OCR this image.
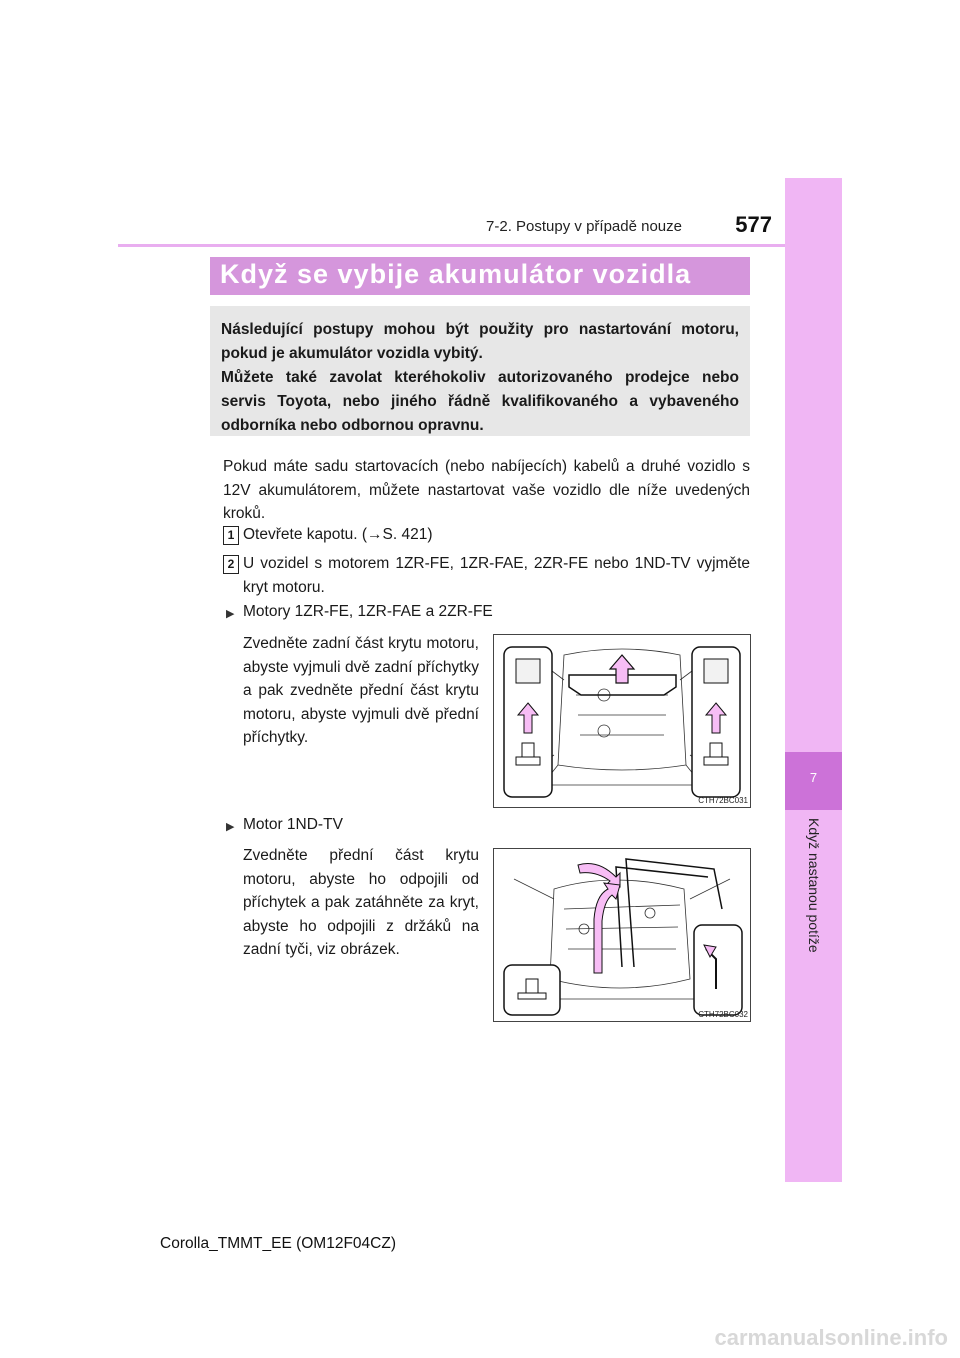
7
Když nastanou potíže
7-2. Postupy v případě nouze	577
Když se vybije akumulátor vozidla

Následující postupy mohou být použity pro nastartování motoru, pokud je akumulátor vozidla vybitý.

Můžete také zavolat kteréhokoliv autorizovaného prodejce nebo servis Toyota, nebo jiného řádně kvalifikovaného a vybaveného odborníka nebo odbornou opravnu.

Pokud máte sadu startovacích (nebo nabíjecích) kabelů a druhé vozidlo s 12V akumulátorem, můžete nastartovat vaše vozidlo dle níže uvedených kroků.
1 Otevřete kapotu. (→S. 421)
2 U vozidel s motorem 1ZR-FE, 1ZR-FAE, 2ZR-FE nebo 1ND-TV vyjměte kryt motoru.
▶ Motory 1ZR-FE, 1ZR-FAE a 2ZR-FE
Zvedněte zadní část krytu motoru, abyste vyjmuli dvě zadní příchytky a pak zvedněte přední část krytu motoru, abyste vyjmuli dvě přední příchytky.
CTH72BC031
▶ Motor 1ND-TV
Zvedněte přední část krytu motoru, abyste ho odpojili od příchytek a pak zatáhněte za kryt, abyste ho odpojili z držáků na zadní tyči, viz obrázek.
CTH72BC032
Corolla_TMMT_EE (OM12F04CZ)
carmanualsonline.info
